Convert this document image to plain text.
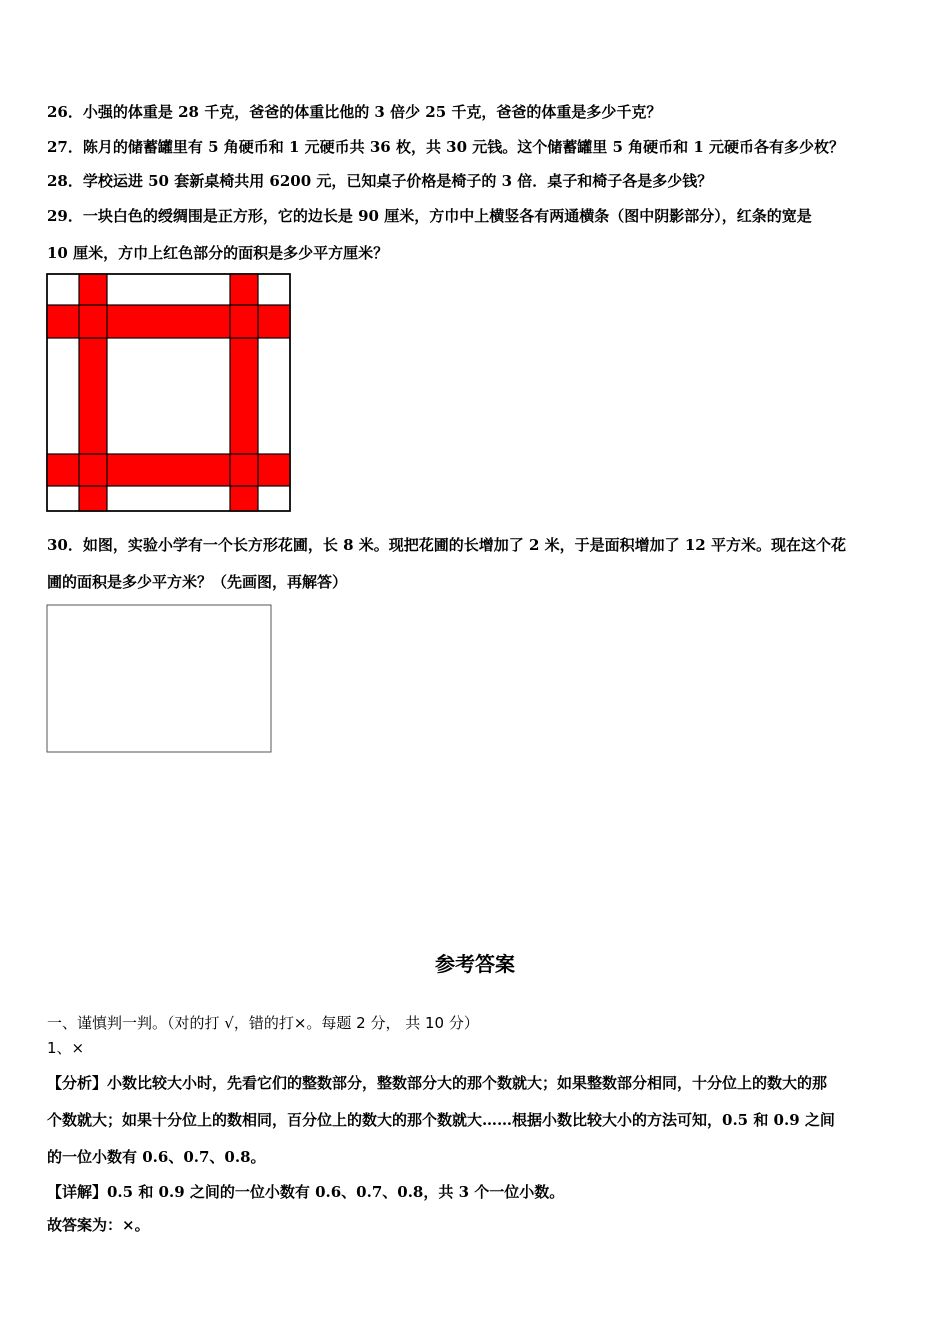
26．小强的体重是 28 千克，爸爸的体重比他的 3 倍少 25 千克，爸爸的体重是多少千克？
27．陈月的储蓄罐里有 5 角硬币和 1 元硬币共 36 枚，共 30 元钱。这个储蓄罐里 5 角硬币和 1 元硬币各有多少枚？
28．学校运进 50 套新桌椅共用 6200 元，已知桌子价格是椅子的 3 倍．桌子和椅子各是多少钱？
29．一块白色的绶绸围是正方形，它的边长是 90 厘米，方巾中上横竖各有两通横条（图中阴影部分），红条的宽是
10 厘米，方巾上红色部分的面积是多少平方厘米？
30．如图，实验小学有一个长方形花圃，长 8 米。现把花圃的长增加了 2 米，于是面积增加了 12 平方米。现在这个花
圃的面积是多少平方米？（先画图，再解答）
参考答案
一、谨慎判一判。（对的打 √，错的打×。每题 2 分， 共 10 分）
1、×
【分析】小数比较大小时，先看它们的整数部分，整数部分大的那个数就大；如果整数部分相同，十分位上的数大的那
个数就大；如果十分位上的数相同，百分位上的数大的那个数就大……根据小数比较大小的方法可知，0.5 和 0.9 之间
的一位小数有 0.6、0.7、0.8。
【详解】0.5 和 0.9 之间的一位小数有 0.6、0.7、0.8，共 3 个一位小数。
故答案为：×。
